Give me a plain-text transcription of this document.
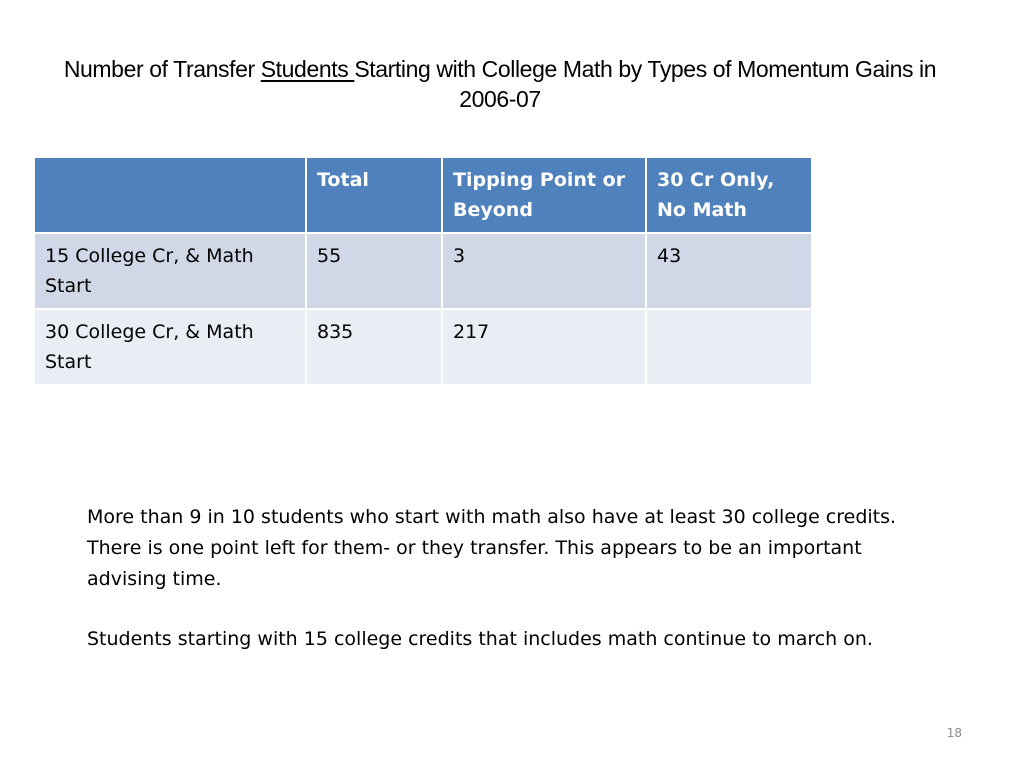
Number of Transfer Students Starting with College Math by Types of Momentum Gains in 2006-07
	Total	Tipping Point or Beyond	30 Cr Only, No Math
15 College Cr, & Math Start	55	3	43
30 College Cr, & Math Start	835	217	

More than 9 in 10 students who start with math also have at least 30 college credits. There is one point left for them- or they transfer. This appears to be an important advising time.

Students starting with 15 college credits that includes math continue to march on.

18
